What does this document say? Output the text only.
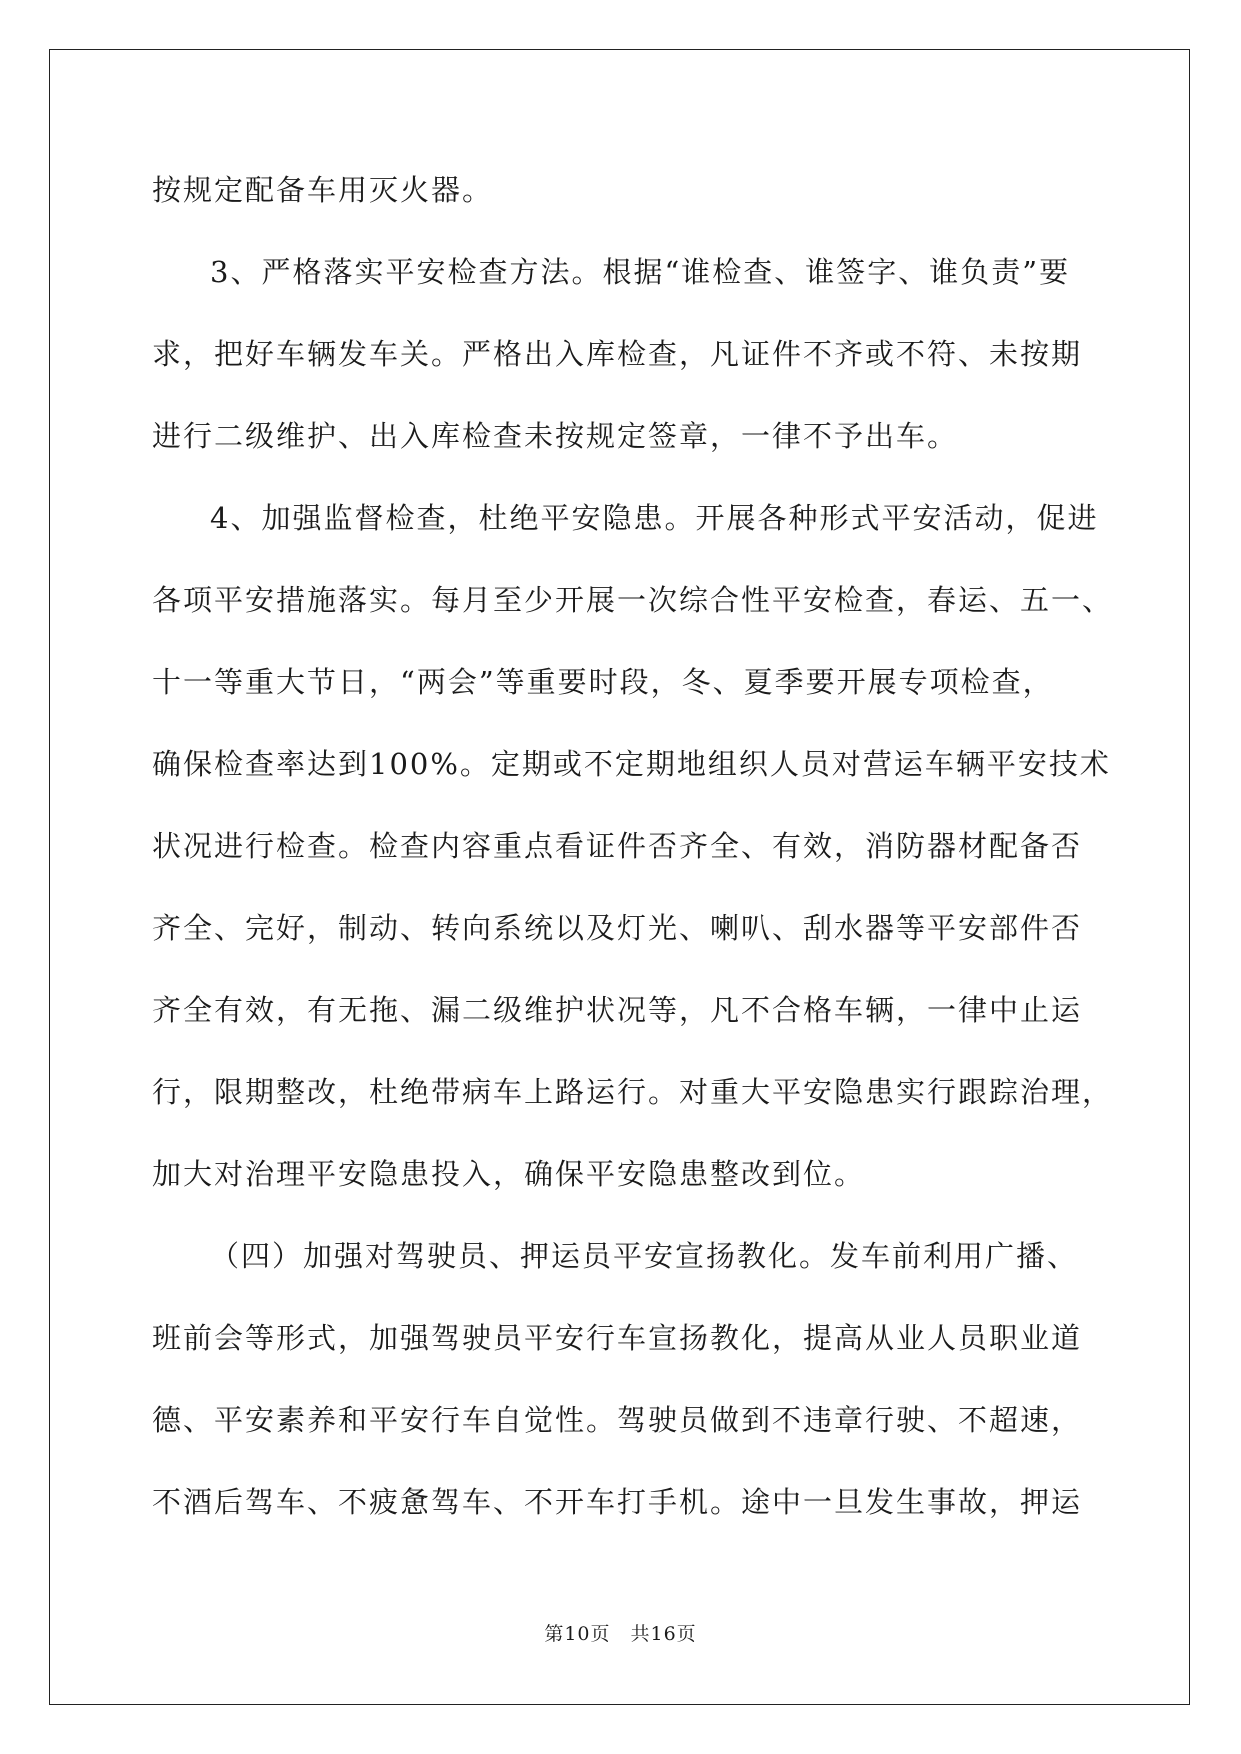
按规定配备车用灭火器。
3、严格落实平安检查方法。根据“谁检查、谁签字、谁负责”要
求，把好车辆发车关。严格出入库检查，凡证件不齐或不符、未按期
进行二级维护、出入库检查未按规定签章，一律不予出车。
4、加强监督检查，杜绝平安隐患。开展各种形式平安活动，促进
各项平安措施落实。每月至少开展一次综合性平安检查，春运、五一、
十一等重大节日，“两会”等重要时段，冬、夏季要开展专项检查，
确保检查率达到100%。定期或不定期地组织人员对营运车辆平安技术
状况进行检查。检查内容重点看证件否齐全、有效，消防器材配备否
齐全、完好，制动、转向系统以及灯光、喇叭、刮水器等平安部件否
齐全有效，有无拖、漏二级维护状况等，凡不合格车辆，一律中止运
行，限期整改，杜绝带病车上路运行。对重大平安隐患实行跟踪治理，
加大对治理平安隐患投入，确保平安隐患整改到位。
（四）加强对驾驶员、押运员平安宣扬教化。发车前利用广播、
班前会等形式，加强驾驶员平安行车宣扬教化，提高从业人员职业道
德、平安素养和平安行车自觉性。驾驶员做到不违章行驶、不超速，
不酒后驾车、不疲惫驾车、不开车打手机。途中一旦发生事故，押运
第10页　共16页
